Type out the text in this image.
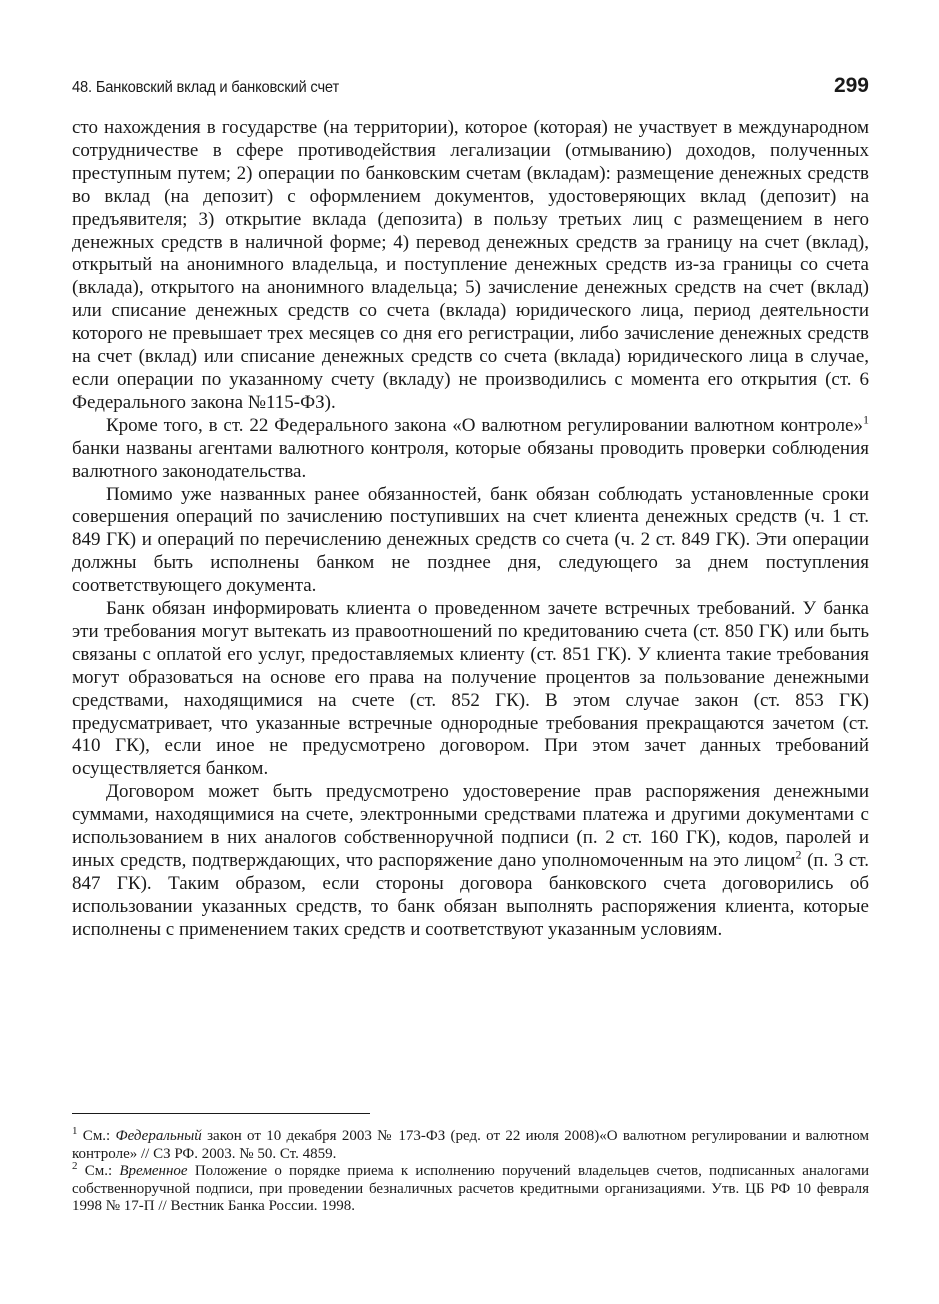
48. Банковский вклад и банковский счет	299

сто нахождения в государстве (на территории), которое (которая) не участвует в международном сотрудничестве в сфере противодействия легализации (отмыванию) доходов, полученных преступным путем; 2) операции по банковским счетам (вкладам): размещение денежных средств во вклад (на депозит) с оформлением документов, удостоверяющих вклад (депозит) на предъявителя; 3) открытие вклада (депозита) в пользу третьих лиц с размещением в него денежных средств в наличной форме; 4) перевод денежных средств за границу на счет (вклад), открытый на анонимного владельца, и поступление денежных средств из-за границы со счета (вклада), открытого на анонимного владельца; 5) зачисление денежных средств на счет (вклад) или списание денежных средств со счета (вклада) юридического лица, период деятельности которого не превышает трех месяцев со дня его регистрации, либо зачисление денежных средств на счет (вклад) или списание денежных средств со счета (вклада) юридического лица в случае, если операции по указанному счету (вкладу) не производились с момента его открытия (ст. 6 Федерального закона №115-ФЗ).

Кроме того, в ст. 22 Федерального закона «О валютном регулировании валютном контроле»$^1$ банки названы агентами валютного контроля, которые обязаны проводить проверки соблюдения валютного законодательства.

Помимо уже названных ранее обязанностей, банк обязан соблюдать установленные сроки совершения операций по зачислению поступивших на счет клиента денежных средств (ч. 1 ст. 849 ГК) и операций по перечислению денежных средств со счета (ч. 2 ст. 849 ГК). Эти операции должны быть исполнены банком не позднее дня, следующего за днем поступления соответствующего документа.

Банк обязан информировать клиента о проведенном зачете встречных требований. У банка эти требования могут вытекать из правоотношений по кредитованию счета (ст. 850 ГК) или быть связаны с оплатой его услуг, предоставляемых клиенту (ст. 851 ГК). У клиента такие требования могут образоваться на основе его права на получение процентов за пользование денежными средствами, находящимися на счете (ст. 852 ГК). В этом случае закон (ст. 853 ГК) предусматривает, что указанные встречные однородные требования прекращаются зачетом (ст. 410 ГК), если иное не предусмотрено договором. При этом зачет данных требований осуществляется банком.

Договором может быть предусмотрено удостоверение прав распоряжения денежными суммами, находящимися на счете, электронными средствами платежа и другими документами с использованием в них аналогов собственноручной подписи (п. 2 ст. 160 ГК), кодов, паролей и иных средств, подтверждающих, что распоряжение дано уполномоченным на это лицом$^2$ (п. 3 ст. 847 ГК). Таким образом, если стороны договора банковского счета договорились об использовании указанных средств, то банк обязан выполнять распоряжения клиента, которые исполнены с применением таких средств и соответствуют указанным условиям.

$^1$ См.: Федеральный закон от 10 декабря 2003 № 173-ФЗ (ред. от 22 июля 2008)«О валютном регулировании и валютном контроле» // СЗ РФ. 2003. № 50. Ст. 4859.

$^2$ См.: Временное Положение о порядке приема к исполнению поручений владельцев счетов, подписанных аналогами собственноручной подписи, при проведении безналичных расчетов кредитными организациями. Утв. ЦБ РФ 10 февраля 1998 № 17-П // Вестник Банка России. 1998.
